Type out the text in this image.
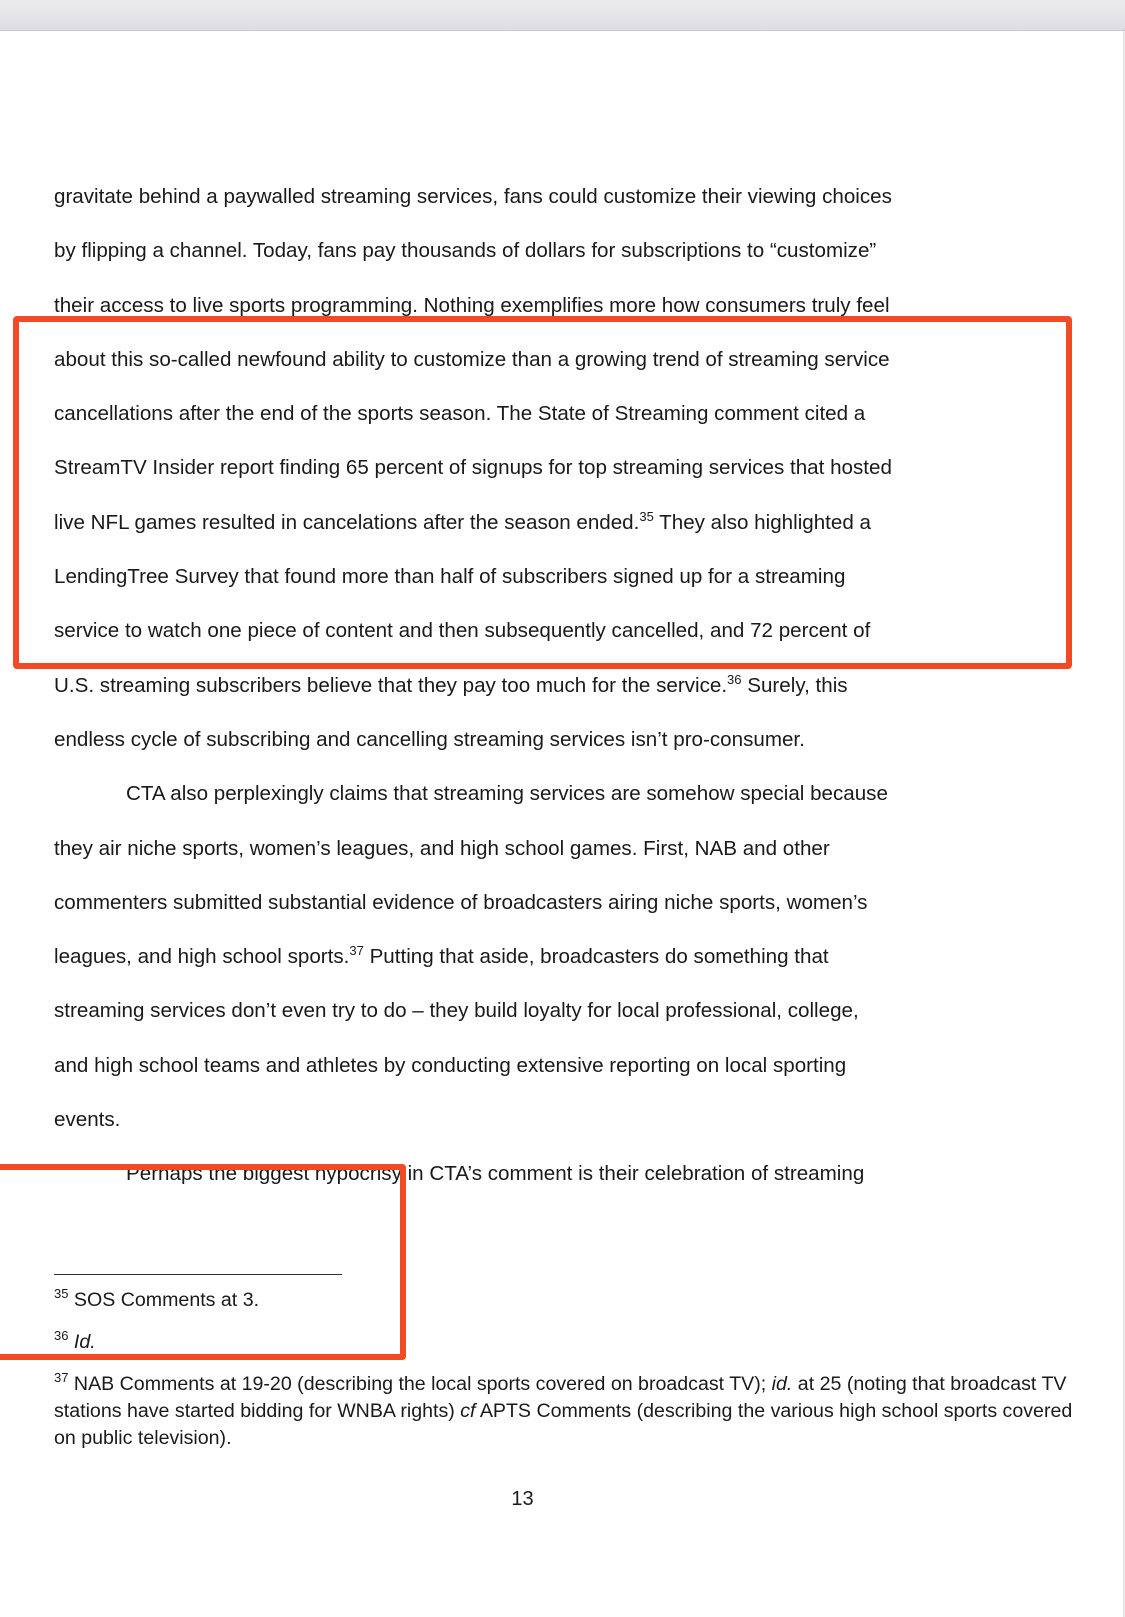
gravitate behind a paywalled streaming services, fans could customize their viewing choices
by flipping a channel. Today, fans pay thousands of dollars for subscriptions to “customize”
their access to live sports programming. Nothing exemplifies more how consumers truly feel
about this so-called newfound ability to customize than a growing trend of streaming service
cancellations after the end of the sports season. The State of Streaming comment cited a
StreamTV Insider report finding 65 percent of signups for top streaming services that hosted
live NFL games resulted in cancelations after the season ended.$^{35}$ They also highlighted a
LendingTree Survey that found more than half of subscribers signed up for a streaming
service to watch one piece of content and then subsequently cancelled, and 72 percent of
U.S. streaming subscribers believe that they pay too much for the service.$^{36}$ Surely, this
endless cycle of subscribing and cancelling streaming services isn’t pro-consumer.
CTA also perplexingly claims that streaming services are somehow special because
they air niche sports, women’s leagues, and high school games. First, NAB and other
commenters submitted substantial evidence of broadcasters airing niche sports, women’s
leagues, and high school sports.$^{37}$ Putting that aside, broadcasters do something that
streaming services don’t even try to do – they build loyalty for local professional, college,
and high school teams and athletes by conducting extensive reporting on local sporting
events.
Perhaps the biggest hypocrisy in CTA’s comment is their celebration of streaming

$^{35}$ SOS Comments at 3.

$^{36}$ Id.

$^{37}$ NAB Comments at 19-20 (describing the local sports covered on broadcast TV); id. at 25 (noting that broadcast TV stations have started bidding for WNBA rights) cf APTS Comments (describing the various high school sports covered on public television).

13
